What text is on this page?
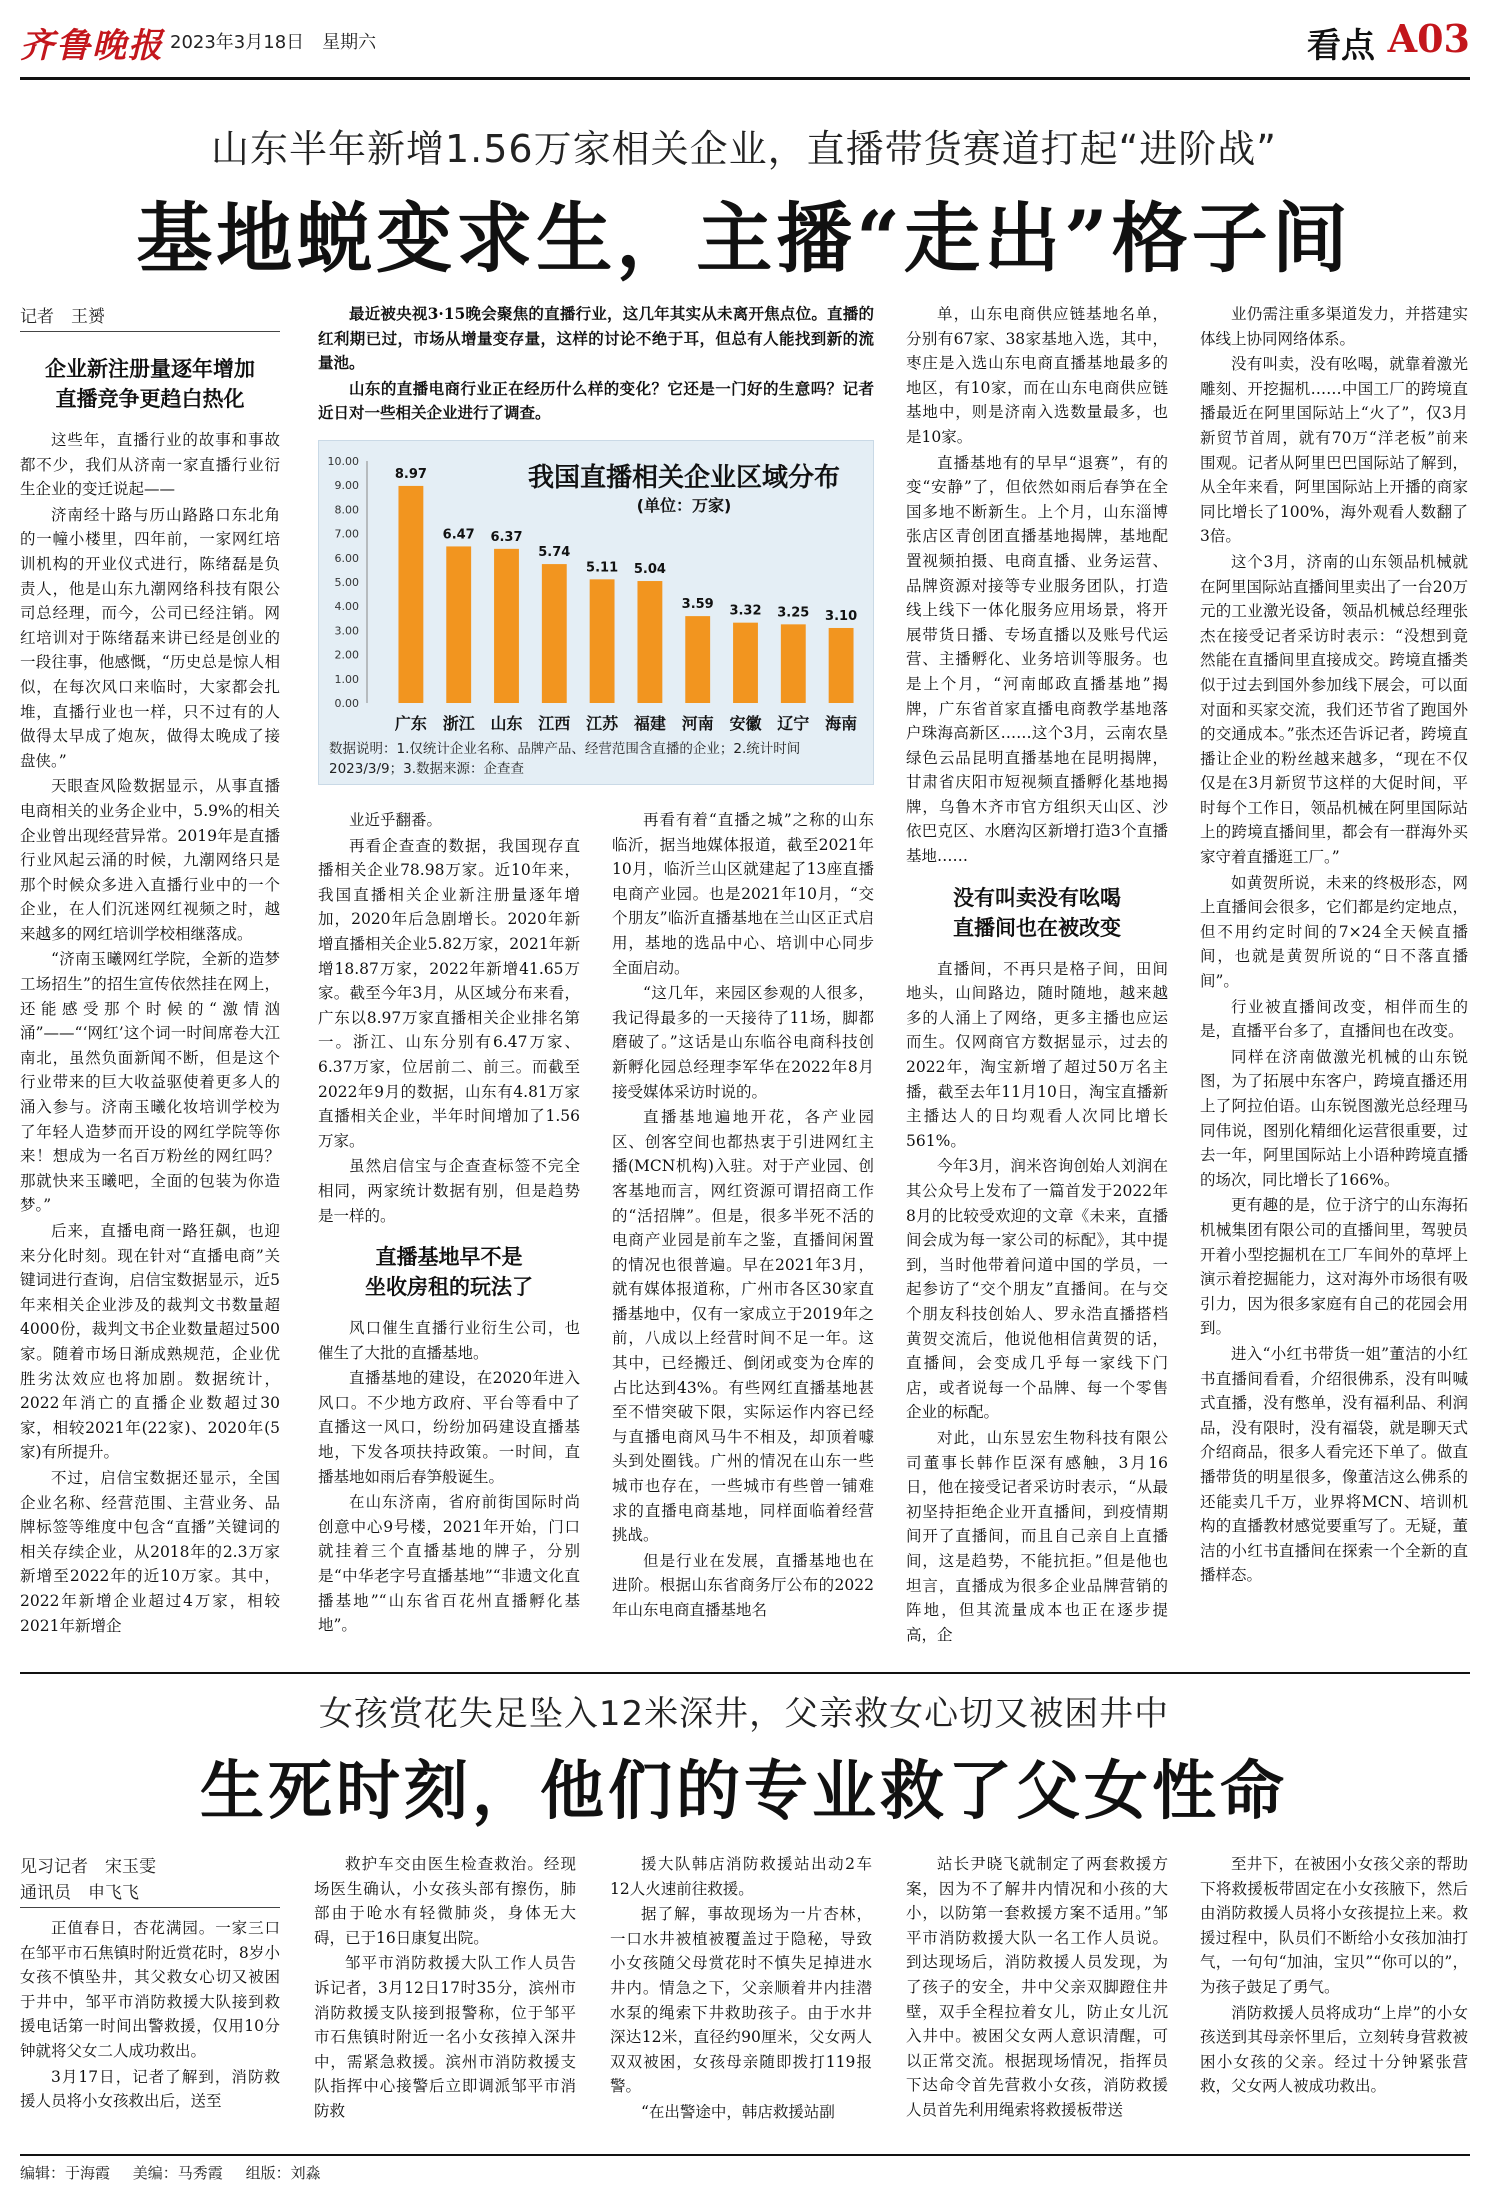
齐鲁晚报 2023年3月18日　星期六	看点 A03
山东半年新增1.56万家相关企业，直播带货赛道打起“进阶战”
基地蜕变求生，主播“走出”格子间
记者　王赟
企业新注册量逐年增加
直播竞争更趋白热化

这些年，直播行业的故事和事故都不少，我们从济南一家直播行业衍生企业的变迁说起——

济南经十路与历山路路口东北角的一幢小楼里，四年前，一家网红培训机构的开业仪式进行，陈绪磊是负责人，他是山东九潮网络科技有限公司总经理，而今，公司已经注销。网红培训对于陈绪磊来讲已经是创业的一段往事，他感慨，“历史总是惊人相似，在每次风口来临时，大家都会扎堆，直播行业也一样，只不过有的人做得太早成了炮灰，做得太晚成了接盘侠。”

天眼查风险数据显示，从事直播电商相关的业务企业中，5.9%的相关企业曾出现经营异常。2019年是直播行业风起云涌的时候，九潮网络只是那个时候众多进入直播行业中的一个企业，在人们沉迷网红视频之时，越来越多的网红培训学校相继落成。

“济南玉曦网红学院，全新的造梦工场招生”的招生宣传依然挂在网上，还能感受那个时候的“激情汹涌”——“‘网红’这个词一时间席卷大江南北，虽然负面新闻不断，但是这个行业带来的巨大收益驱使着更多人的涌入参与。济南玉曦化妆培训学校为了年轻人造梦而开设的网红学院等你来！想成为一名百万粉丝的网红吗？那就快来玉曦吧，全面的包装为你造梦。”

后来，直播电商一路狂飙，也迎来分化时刻。现在针对“直播电商”关键词进行查询，启信宝数据显示，近5年来相关企业涉及的裁判文书数量超4000份，裁判文书企业数量超过500家。随着市场日渐成熟规范，企业优胜劣汰效应也将加剧。数据统计，2022年消亡的直播企业数超过30家，相较2021年(22家)、2020年(5家)有所提升。

不过，启信宝数据还显示，全国企业名称、经营范围、主营业务、品牌标签等维度中包含“直播”关键词的相关存续企业，从2018年的2.3万家新增至2022年的近10万家。其中，2022年新增企业超过4万家，相较2021年新增企

最近被央视3·15晚会聚焦的直播行业，这几年其实从未离开焦点位。直播的红利期已过，市场从增量变存量，这样的讨论不绝于耳，但总有人能找到新的流量池。

山东的直播电商行业正在经历什么样的变化？它还是一门好的生意吗？记者近日对一些相关企业进行了调查。

0.00
1.00
2.00
3.00
4.00
5.00
6.00
7.00
8.00
9.00
10.00
8.97
广东
6.47
浙江
6.37
山东
5.74
江西
5.11
江苏
5.04
福建
3.59
河南
3.32
安徽
3.25
辽宁
3.10
海南
我国直播相关企业区域分布
(单位：万家)
数据说明：1.仅统计企业名称、品牌产品、经营范围含直播的企业；2.统计时间2023/3/9；3.数据来源：企查查

业近乎翻番。

再看企查查的数据，我国现存直播相关企业78.98万家。近10年来，我国直播相关企业新注册量逐年增加，2020年后急剧增长。2020年新增直播相关企业5.82万家，2021年新增18.87万家，2022年新增41.65万家。截至今年3月，从区域分布来看，广东以8.97万家直播相关企业排名第一。浙江、山东分别有6.47万家、6.37万家，位居前二、前三。而截至2022年9月的数据，山东有4.81万家直播相关企业，半年时间增加了1.56万家。

虽然启信宝与企查查标签不完全相同，两家统计数据有别，但是趋势是一样的。

直播基地早不是
坐收房租的玩法了

风口催生直播行业衍生公司，也催生了大批的直播基地。

直播基地的建设，在2020年进入风口。不少地方政府、平台等看中了直播这一风口，纷纷加码建设直播基地，下发各项扶持政策。一时间，直播基地如雨后春笋般诞生。

在山东济南，省府前街国际时尚创意中心9号楼，2021年开始，门口就挂着三个直播基地的牌子，分别是“中华老字号直播基地”“非遗文化直播基地”“山东省百花州直播孵化基地”。

再看有着“直播之城”之称的山东临沂，据当地媒体报道，截至2021年10月，临沂兰山区就建起了13座直播电商产业园。也是2021年10月，“交个朋友”临沂直播基地在兰山区正式启用，基地的选品中心、培训中心同步全面启动。

“这几年，来园区参观的人很多，我记得最多的一天接待了11场，脚都磨破了。”这话是山东临谷电商科技创新孵化园总经理李军华在2022年8月接受媒体采访时说的。

直播基地遍地开花，各产业园区、创客空间也都热衷于引进网红主播(MCN机构)入驻。对于产业园、创客基地而言，网红资源可谓招商工作的“活招牌”。但是，很多半死不活的电商产业园是前车之鉴，直播间闲置的情况也很普遍。早在2021年3月，就有媒体报道称，广州市各区30家直播基地中，仅有一家成立于2019年之前，八成以上经营时间不足一年。这其中，已经搬迁、倒闭或变为仓库的占比达到43%。有些网红直播基地甚至不惜突破下限，实际运作内容已经与直播电商风马牛不相及，却顶着噱头到处圈钱。广州的情况在山东一些城市也存在，一些城市有些曾一铺难求的直播电商基地，同样面临着经营挑战。

但是行业在发展，直播基地也在进阶。根据山东省商务厅公布的2022年山东电商直播基地名

单，山东电商供应链基地名单，分别有67家、38家基地入选，其中，枣庄是入选山东电商直播基地最多的地区，有10家，而在山东电商供应链基地中，则是济南入选数量最多，也是10家。

直播基地有的早早“退赛”，有的变“安静”了，但依然如雨后春笋在全国多地不断新生。上个月，山东淄博张店区青创团直播基地揭牌，基地配置视频拍摄、电商直播、业务运营、品牌资源对接等专业服务团队，打造线上线下一体化服务应用场景，将开展带货日播、专场直播以及账号代运营、主播孵化、业务培训等服务。也是上个月，“河南邮政直播基地”揭牌，广东省首家直播电商教学基地落户珠海高新区……这个3月，云南农垦绿色云品昆明直播基地在昆明揭牌，甘肃省庆阳市短视频直播孵化基地揭牌，乌鲁木齐市官方组织天山区、沙依巴克区、水磨沟区新增打造3个直播基地……

没有叫卖没有吆喝
直播间也在被改变

直播间，不再只是格子间，田间地头，山间路边，随时随地，越来越多的人涌上了网络，更多主播也应运而生。仅网商官方数据显示，过去的2022年，淘宝新增了超过50万名主播，截至去年11月10日，淘宝直播新主播达人的日均观看人次同比增长561%。

今年3月，润米咨询创始人刘润在其公众号上发布了一篇首发于2022年8月的比较受欢迎的文章《未来，直播间会成为每一家公司的标配》，其中提到，当时他带着问道中国的学员，一起参访了“交个朋友”直播间。在与交个朋友科技创始人、罗永浩直播搭档黄贺交流后，他说他相信黄贺的话，直播间，会变成几乎每一家线下门店，或者说每一个品牌、每一个零售企业的标配。

对此，山东昱宏生物科技有限公司董事长韩作臣深有感触，3月16日，他在接受记者采访时表示，“从最初坚持拒绝企业开直播间，到疫情期间开了直播间，而且自己亲自上直播间，这是趋势，不能抗拒。”但是他也坦言，直播成为很多企业品牌营销的阵地，但其流量成本也正在逐步提高，企

业仍需注重多渠道发力，并搭建实体线上协同网络体系。

没有叫卖，没有吆喝，就靠着激光雕刻、开挖掘机……中国工厂的跨境直播最近在阿里国际站上“火了”，仅3月新贸节首周，就有70万“洋老板”前来围观。记者从阿里巴巴国际站了解到，从全年来看，阿里国际站上开播的商家同比增长了100%，海外观看人数翻了3倍。

这个3月，济南的山东领品机械就在阿里国际站直播间里卖出了一台20万元的工业激光设备，领品机械总经理张杰在接受记者采访时表示：“没想到竟然能在直播间里直接成交。跨境直播类似于过去到国外参加线下展会，可以面对面和买家交流，我们还节省了跑国外的交通成本。”张杰还告诉记者，跨境直播让企业的粉丝越来越多，“现在不仅仅是在3月新贸节这样的大促时间，平时每个工作日，领品机械在阿里国际站上的跨境直播间里，都会有一群海外买家守着直播逛工厂。”

如黄贺所说，未来的终极形态，网上直播间会很多，它们都是约定地点，但不用约定时间的7×24全天候直播间，也就是黄贺所说的“日不落直播间”。

行业被直播间改变，相伴而生的是，直播平台多了，直播间也在改变。

同样在济南做激光机械的山东锐图，为了拓展中东客户，跨境直播还用上了阿拉伯语。山东锐图激光总经理马同伟说，图别化精细化运营很重要，过去一年，阿里国际站上小语种跨境直播的场次，同比增长了166%。

更有趣的是，位于济宁的山东海拓机械集团有限公司的直播间里，驾驶员开着小型挖掘机在工厂车间外的草坪上演示着挖掘能力，这对海外市场很有吸引力，因为很多家庭有自己的花园会用到。

进入“小红书带货一姐”董洁的小红书直播间看看，介绍很佛系，没有叫喊式直播，没有憋单，没有福利品、利润品，没有限时，没有福袋，就是聊天式介绍商品，很多人看完还下单了。做直播带货的明星很多，像董洁这么佛系的还能卖几千万，业界将MCN、培训机构的直播教材感觉要重写了。无疑，董洁的小红书直播间在探索一个全新的直播样态。

女孩赏花失足坠入12米深井，父亲救女心切又被困井中
生死时刻，他们的专业救了父女性命
见习记者　宋玉雯
通讯员　申飞飞

正值春日，杏花满园。一家三口在邹平市石焦镇时附近赏花时，8岁小女孩不慎坠井，其父救女心切又被困于井中，邹平市消防救援大队接到救援电话第一时间出警救援，仅用10分钟就将父女二人成功救出。

3月17日，记者了解到，消防救援人员将小女孩救出后，送至

救护车交由医生检查救治。经现场医生确认，小女孩头部有擦伤，肺部由于呛水有轻微肺炎，身体无大碍，已于16日康复出院。

邹平市消防救援大队工作人员告诉记者，3月12日17时35分，滨州市消防救援支队接到报警称，位于邹平市石焦镇时附近一名小女孩掉入深井中，需紧急救援。滨州市消防救援支队指挥中心接警后立即调派邹平市消防救

援大队韩店消防救援站出动2车12人火速前往救援。

据了解，事故现场为一片杏林，一口水井被植被覆盖过于隐秘，导致小女孩随父母赏花时不慎失足掉进水井内。情急之下，父亲顺着井内挂潜水泵的绳索下井救助孩子。由于水井深达12米，直径约90厘米，父女两人双双被困，女孩母亲随即拨打119报警。

“在出警途中，韩店救援站副

站长尹晓飞就制定了两套救援方案，因为不了解井内情况和小孩的大小，以防第一套救援方案不适用。”邹平市消防救援大队一名工作人员说。到达现场后，消防救援人员发现，为了孩子的安全，井中父亲双脚蹬住井壁，双手全程拉着女儿，防止女儿沉入井中。被困父女两人意识清醒，可以正常交流。根据现场情况，指挥员下达命令首先营救小女孩，消防救援人员首先利用绳索将救援板带送

至井下，在被困小女孩父亲的帮助下将救援板带固定在小女孩腋下，然后由消防救援人员将小女孩提拉上来。救援过程中，队员们不断给小女孩加油打气，一句句“加油，宝贝”“你可以的”，为孩子鼓足了勇气。

消防救援人员将成功“上岸”的小女孩送到其母亲怀里后，立刻转身营救被困小女孩的父亲。经过十分钟紧张营救，父女两人被成功救出。

编辑：于海霞 美编：马秀霞 组版：刘淼
